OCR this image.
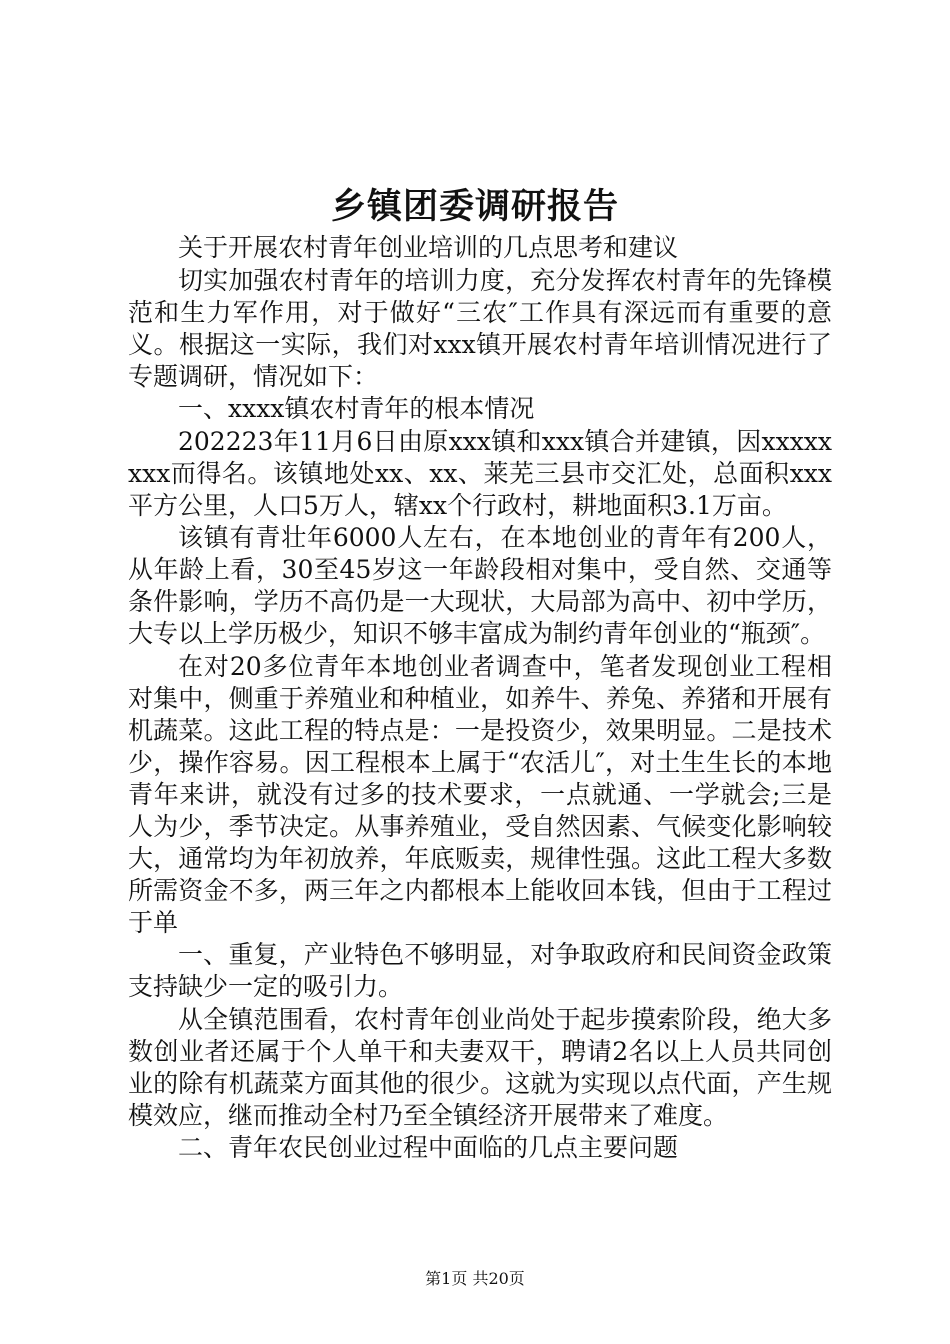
乡镇团委调研报告

关于开展农村青年创业培训的几点思考和建议

切实加强农村青年的培训力度，充分发挥农村青年的先锋模范和生力军作用，对于做好“三农″工作具有深远而有重要的意义。根据这一实际，我们对xxx镇开展农村青年培训情况进行了专题调研，情况如下：

一、xxxx镇农村青年的根本情况

202223年11月6日由原xxx镇和xxx镇合并建镇，因xxxxxxxx而得名。该镇地处xx、xx、莱芜三县市交汇处，总面积xxx平方公里，人口5万人，辖xx个行政村，耕地面积3.1万亩。

该镇有青壮年6000人左右，在本地创业的青年有200人，从年龄上看，30至45岁这一年龄段相对集中，受自然、交通等条件影响，学历不高仍是一大现状，大局部为高中、初中学历，大专以上学历极少，知识不够丰富成为制约青年创业的“瓶颈″。

在对20多位青年本地创业者调查中，笔者发现创业工程相对集中，侧重于养殖业和种植业，如养牛、养兔、养猪和开展有机蔬菜。这此工程的特点是：一是投资少，效果明显。二是技术少，操作容易。因工程根本上属于“农活儿″，对土生生长的本地青年来讲，就没有过多的技术要求，一点就通、一学就会;三是人为少，季节决定。从事养殖业，受自然因素、气候变化影响较大，通常均为年初放养，年底贩卖，规律性强。这此工程大多数所需资金不多，两三年之内都根本上能收回本钱，但由于工程过于单

一、重复，产业特色不够明显，对争取政府和民间资金政策支持缺少一定的吸引力。

从全镇范围看，农村青年创业尚处于起步摸索阶段，绝大多数创业者还属于个人单干和夫妻双干，聘请2名以上人员共同创业的除有机蔬菜方面其他的很少。这就为实现以点代面，产生规模效应，继而推动全村乃至全镇经济开展带来了难度。

二、青年农民创业过程中面临的几点主要问题

第1页 共20页
